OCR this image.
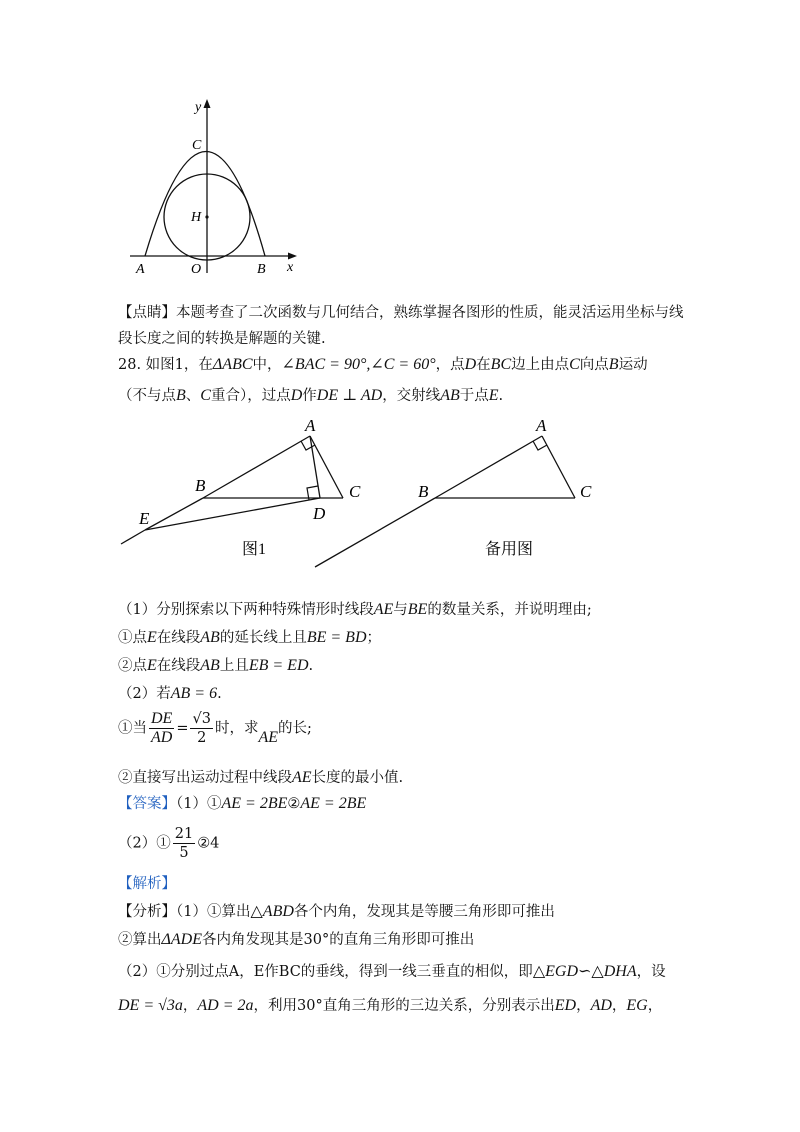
y
C
H
A	O	B x
【点睛】本题考查了二次函数与几何结合，熟练掌握各图形的性质，能灵活运用坐标与线
段长度之间的转换是解题的关键.
28. 如图1，在ΔABC中，∠BAC = 90°,∠C = 60°，点D在BC边上由点C向点B运动
（不与点B、C重合），过点D作DE ⊥ AD，交射线AB于点E.
A
B	C
D
E
图1
A
B	C
备用图
（1）分别探索以下两种特殊情形时线段AE与BE的数量关系，并说明理由;
①点E在线段AB的延长线上且BE = BD；
②点E在线段AB上且EB = ED.
（2）若AB = 6.
①当 $\frac{DE}{AD} = \frac{√3}{2}$ 时，求AE的长;
②直接写出运动过程中线段AE长度的最小值.
【答案】（1）①AE = 2BE②AE = 2BE
（2）① $\frac{21}{5}$ ②4
【解析】
【分析】（1）①算出△ABD各个内角，发现其是等腰三角形即可推出
②算出ΔADE各内角发现其是30°的直角三角形即可推出
（2）①分别过点A，E作BC的垂线，得到一线三垂直的相似，即△EGD∽△DHA，设
DE = √3a，AD = 2a，利用30°直角三角形的三边关系，分别表示出ED，AD，EG，
